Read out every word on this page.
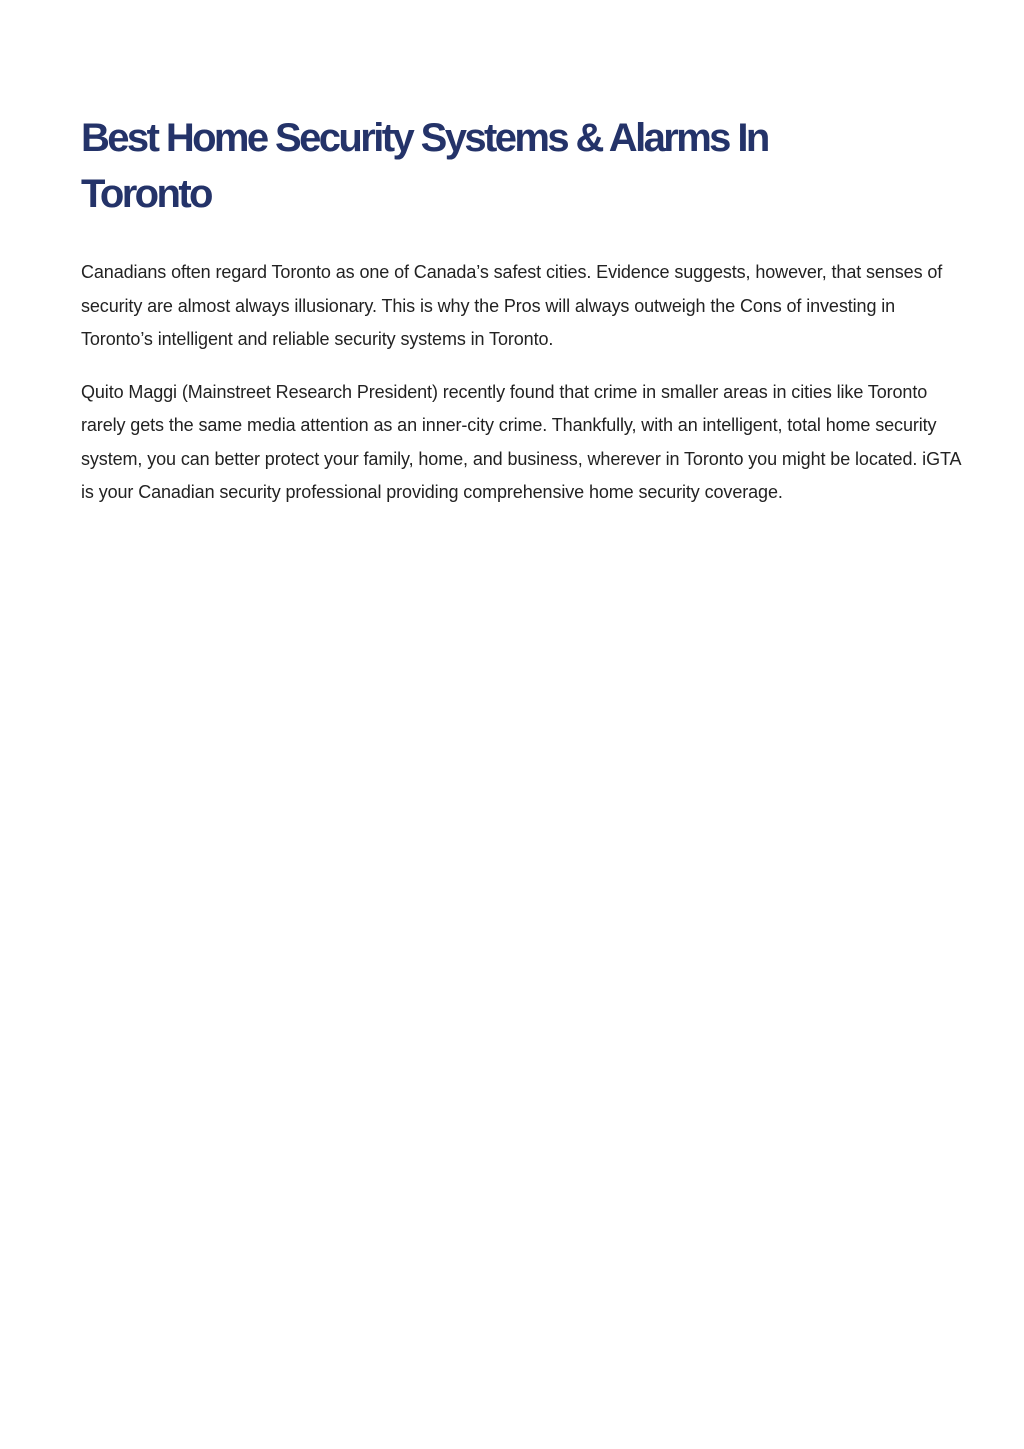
Best Home Security Systems & Alarms In Toronto

Canadians often regard Toronto as one of Canada’s safest cities. Evidence suggests, however, that senses of security are almost always illusionary. This is why the Pros will always outweigh the Cons of investing in Toronto’s intelligent and reliable security systems in Toronto.

Quito Maggi (Mainstreet Research President) recently found that crime in smaller areas in cities like Toronto rarely gets the same media attention as an inner-city crime. Thankfully, with an intelligent, total home security system, you can better protect your family, home, and business, wherever in Toronto you might be located. iGTA is your Canadian security professional providing comprehensive home security coverage.
